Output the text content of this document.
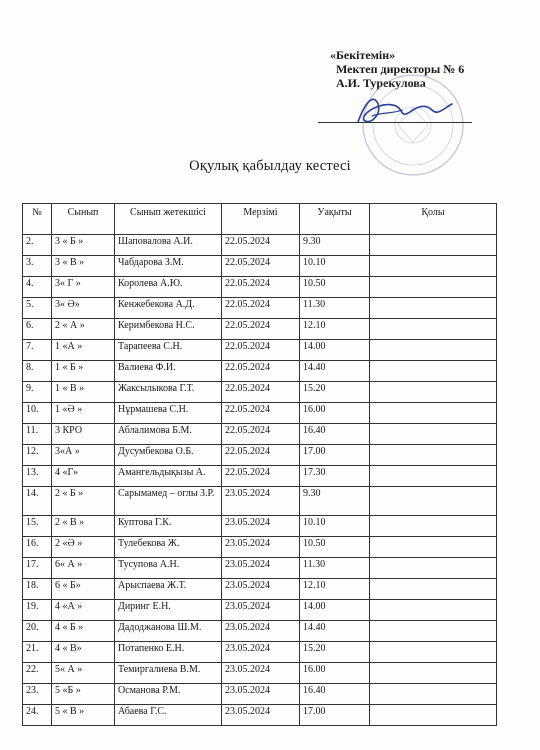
«Бекітемін»
Мектеп директоры № 6
А.И. Турекулова
Оқулық қабылдау кестесі
№	Сынып	Сынып жетекшісі	Мерзімі	Уақыты	Қолы
2.	3 « Б »	Шаповалова А.И.	22.05.2024	9.30	
3.	3 « В »	Чабдарова З.М.	22.05.2024	10.10	
4.	3« Г »	Королева А.Ю.	22.05.2024	10.50	
5.	3« Ә»	Кенжебекова А.Д.	22.05.2024	11.30	
6.	2 « А »	Керимбекова Н.С.	22.05.2024	12.10	
7.	1 «А »	Тарапеева С.Н.	22.05.2024	14.00	
8.	1 « Б »	Валиева Ф.И.	22.05.2024	14.40	
9.	1 « В »	Жаксылыкова Г.Т.	22.05.2024	15.20	
10.	1 «Ә »	Нұрмашева С.Н.	22.05.2024	16.00	
11.	3 КРО	Аблалимова Б.М.	22.05.2024	16.40	
12.	3«А »	Дусумбекова О.Б.	22.05.2024	17.00	
13.	4 «Г»	Амангельдықызы А.	22.05.2024	17.30	
14.	2 « Б »	Сарымамед – оглы З.Р.	23.05.2024	9.30	
15.	2 « В »	Куптова Г.К.	23.05.2024	10.10	
16.	2 «Ә »	Тулебекова Ж.	23.05.2024	10.50	
17.	6« А »	Тусупова А.Н.	23.05.2024	11.30	
18.	6 « Б»	Арыспаева Ж.Т.	23.05.2024	12.10	
19.	4 «А »	Диринг Е.Н.	23.05.2024	14.00	
20.	4 « Б »	Дадоджанова Ш.М.	23.05.2024	14.40	
21.	4 « В»	Потапенко Е.Н.	23.05.2024	15.20	
22.	5« А »	Темиргалиева В.М.	23.05.2024	16.00	
23.	5 «Б »	Османова Р.М.	23.05.2024	16.40	
24.	5 « В »	Абаева Г.С.	23.05.2024	17.00	
